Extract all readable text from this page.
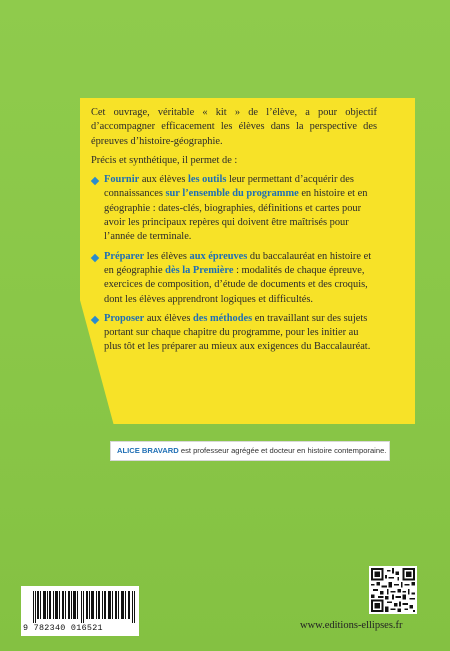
Cet ouvrage, véritable « kit » de l’élève, a pour objectif d’accompagner efficacement les élèves dans la perspective des épreuves d’histoire-géographie.

Précis et synthétique, il permet de :

Fournir aux élèves les outils leur permettant d’acquérir des connaissances sur l’ensemble du programme en histoire et en géographie : dates-clés, biographies, définitions et cartes pour avoir les principaux repères qui doivent être maîtrisés pour l’année de terminale.
Préparer les élèves aux épreuves du baccalauréat en histoire et en géographie dès la Première : modalités de chaque épreuve, exercices de composition, d’étude de documents et des croquis, dont les élèves apprendront logiques et difficultés.
Proposer aux élèves des méthodes en travaillant sur des sujets portant sur chaque chapitre du programme, pour les initier au plus tôt et les préparer au mieux aux exigences du Baccalauréat.
ALICE BRAVARD est professeur agrégée et docteur en histoire contemporaine.
9 782340 016521	www.editions-ellipses.fr
